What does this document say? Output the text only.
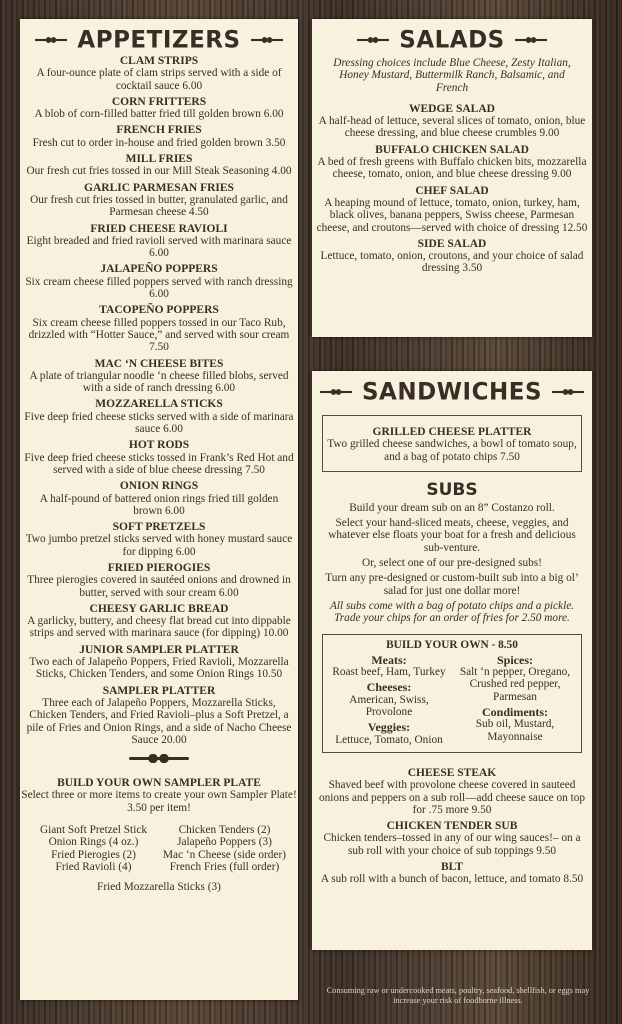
APPETIZERS
CLAM STRIPS
A four-ounce plate of clam strips served with a side of cocktail sauce 6.00
CORN FRITTERS
A blob of corn-filled batter fried till golden brown 6.00
FRENCH FRIES
Fresh cut to order in-house and fried golden brown 3.50
MILL FRIES
Our fresh cut fries tossed in our Mill Steak Seasoning 4.00
GARLIC PARMESAN FRIES
Our fresh cut fries tossed in butter, granulated garlic, and Parmesan cheese 4.50
FRIED CHEESE RAVIOLI
Eight breaded and fried ravioli served with marinara sauce 6.00
JALAPEÑO POPPERS
Six cream cheese filled poppers served with ranch dressing 6.00
TACOPEÑO POPPERS
Six cream cheese filled poppers tossed in our Taco Rub, drizzled with “Hotter Sauce,” and served with sour cream 7.50
MAC ‘N CHEESE BITES
A plate of triangular noodle ‘n cheese filled blobs, served with a side of ranch dressing 6.00
MOZZARELLA STICKS
Five deep fried cheese sticks served with a side of marinara sauce 6.00
HOT RODS
Five deep fried cheese sticks tossed in Frank’s Red Hot and served with a side of blue cheese dressing 7.50
ONION RINGS
A half-pound of battered onion rings fried till golden brown 6.00
SOFT PRETZELS
Two jumbo pretzel sticks served with honey mustard sauce for dipping 6.00
FRIED PIEROGIES
Three pierogies covered in sautéed onions and drowned in butter, served with sour cream 6.00
CHEESY GARLIC BREAD
A garlicky, buttery, and cheesy flat bread cut into dippable strips and served with marinara sauce (for dipping) 10.00
JUNIOR SAMPLER PLATTER
Two each of Jalapeño Poppers, Fried Ravioli, Mozzarella Sticks, Chicken Tenders, and some Onion Rings 10.50
SAMPLER PLATTER
Three each of Jalapeño Poppers, Mozzarella Sticks, Chicken Tenders, and Fried Ravioli–plus a Soft Pretzel, a pile of Fries and Onion Rings, and a side of Nacho Cheese Sauce 20.00
BUILD YOUR OWN SAMPLER PLATE
Select three or more items to create your own Sampler Plate! 3.50 per item!
Giant Soft Pretzel Stick	Chicken Tenders (2)
Onion Rings (4 oz.)	Jalapeño Poppers (3)
Fried Pierogies (2)	Mac ‘n Cheese (side order)
Fried Ravioli (4)	French Fries (full order)
Fried Mozzarella Sticks (3)
SALADS
Dressing choices include Blue Cheese, Zesty Italian, Honey Mustard, Buttermilk Ranch, Balsamic, and French
WEDGE SALAD
A half-head of lettuce, several slices of tomato, onion, blue cheese dressing, and blue cheese crumbles 9.00
BUFFALO CHICKEN SALAD
A bed of fresh greens with Buffalo chicken bits, mozzarella cheese, tomato, onion, and blue cheese dressing 9.00
CHEF SALAD
A heaping mound of lettuce, tomato, onion, turkey, ham, black olives, banana peppers, Swiss cheese, Parmesan cheese, and croutons—served with choice of dressing 12.50
SIDE SALAD
Lettuce, tomato, onion, croutons, and your choice of salad dressing 3.50
SANDWICHES
GRILLED CHEESE PLATTER
Two grilled cheese sandwiches, a bowl of tomato soup, and a bag of potato chips 7.50
SUBS
Build your dream sub on an 8” Costanzo roll.
Select your hand-sliced meats, cheese, veggies, and whatever else floats your boat for a fresh and delicious sub-venture.
Or, select one of our pre-designed subs!
Turn any pre-designed or custom-built sub into a big ol’ salad for just one dollar more!
All subs come with a bag of potato chips and a pickle. Trade your chips for an order of fries for 2.50 more.
BUILD YOUR OWN - 8.50
Meats:
Roast beef, Ham, Turkey
Cheeses:
American, Swiss, Provolone
Veggies:
Lettuce, Tomato, Onion
Spices:
Salt ‘n pepper, Oregano, Crushed red pepper, Parmesan
Condiments:
Sub oil, Mustard, Mayonnaise
CHEESE STEAK
Shaved beef with provolone cheese covered in sauteed onions and peppers on a sub roll—add cheese sauce on top for .75 more 9.50
CHICKEN TENDER SUB
Chicken tenders–tossed in any of our wing sauces!– on a sub roll with your choice of sub toppings 9.50
BLT
A sub roll with a bunch of bacon, lettuce, and tomato 8.50
Consuming raw or undercooked meats, poultry, seafood, shellfish, or eggs may increase your risk of foodborne illness.
